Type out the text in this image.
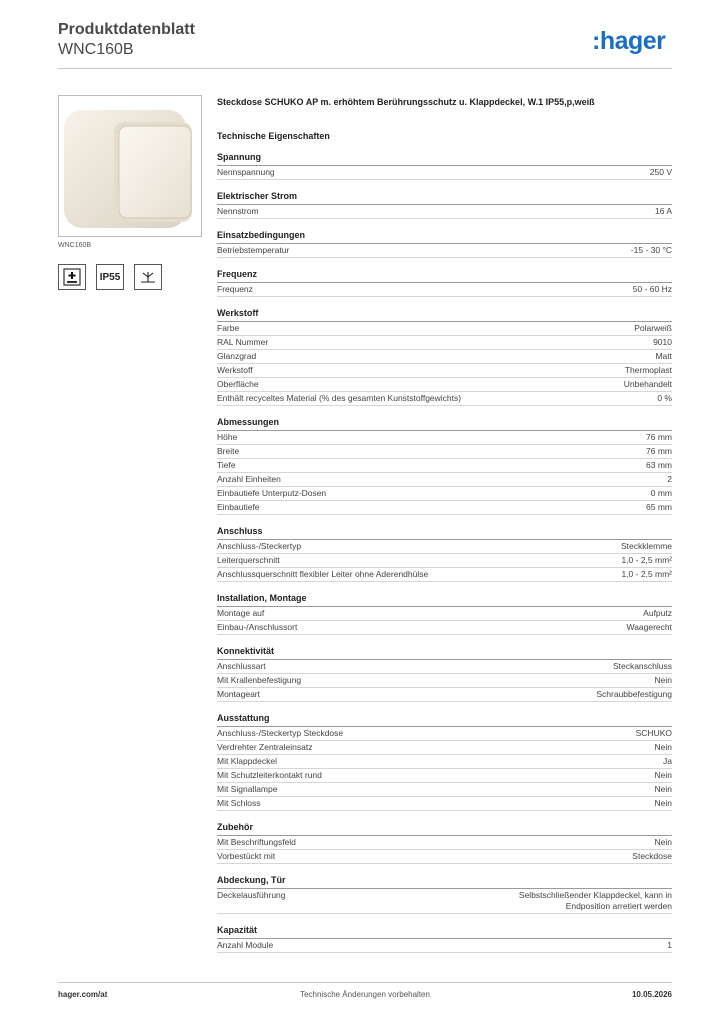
Produktdatenblatt
WNC160B	:hager
WNC160B
IP55
Steckdose SCHUKO AP m. erhöhtem Berührungsschutz u. Klappdeckel, W.1 IP55,p,weiß
Technische Eigenschaften
Spannung
Nennspannung	250 V
Elektrischer Strom
Nennstrom	16 A
Einsatzbedingungen
Betriebstemperatur	-15 - 30 °C
Frequenz
Frequenz	50 - 60 Hz
Werkstoff
Farbe	Polarweiß
RAL Nummer	9010
Glanzgrad	Matt
Werkstoff	Thermoplast
Oberfläche	Unbehandelt
Enthält recyceltes Material (% des gesamten Kunststoffgewichts)	0 %
Abmessungen
Höhe	76 mm
Breite	76 mm
Tiefe	63 mm
Anzahl Einheiten	2
Einbautiefe Unterputz-Dosen	0 mm
Einbautiefe	65 mm
Anschluss
Anschluss-/Steckertyp	Steckklemme
Leiterquerschnitt	1,0 - 2,5 mm²
Anschlussquerschnitt flexibler Leiter ohne Aderendhülse	1,0 - 2,5 mm²
Installation, Montage
Montage auf	Aufputz
Einbau-/Anschlussort	Waagerecht
Konnektivität
Anschlussart	Steckanschluss
Mit Krallenbefestigung	Nein
Montageart	Schraubbefestigung
Ausstattung
Anschluss-/Steckertyp Steckdose	SCHUKO
Verdrehter Zentraleinsatz	Nein
Mit Klappdeckel	Ja
Mit Schutzleiterkontakt rund	Nein
Mit Signallampe	Nein
Mit Schloss	Nein
Zubehör
Mit Beschriftungsfeld	Nein
Vorbestückt mit	Steckdose
Abdeckung, Tür
Deckelausführung	Selbstschließender Klappdeckel, kann in Endposition arretiert werden
Kapazität
Anzahl Module	1
hager.com/at	Technische Änderungen vorbehalten	10.05.2026
